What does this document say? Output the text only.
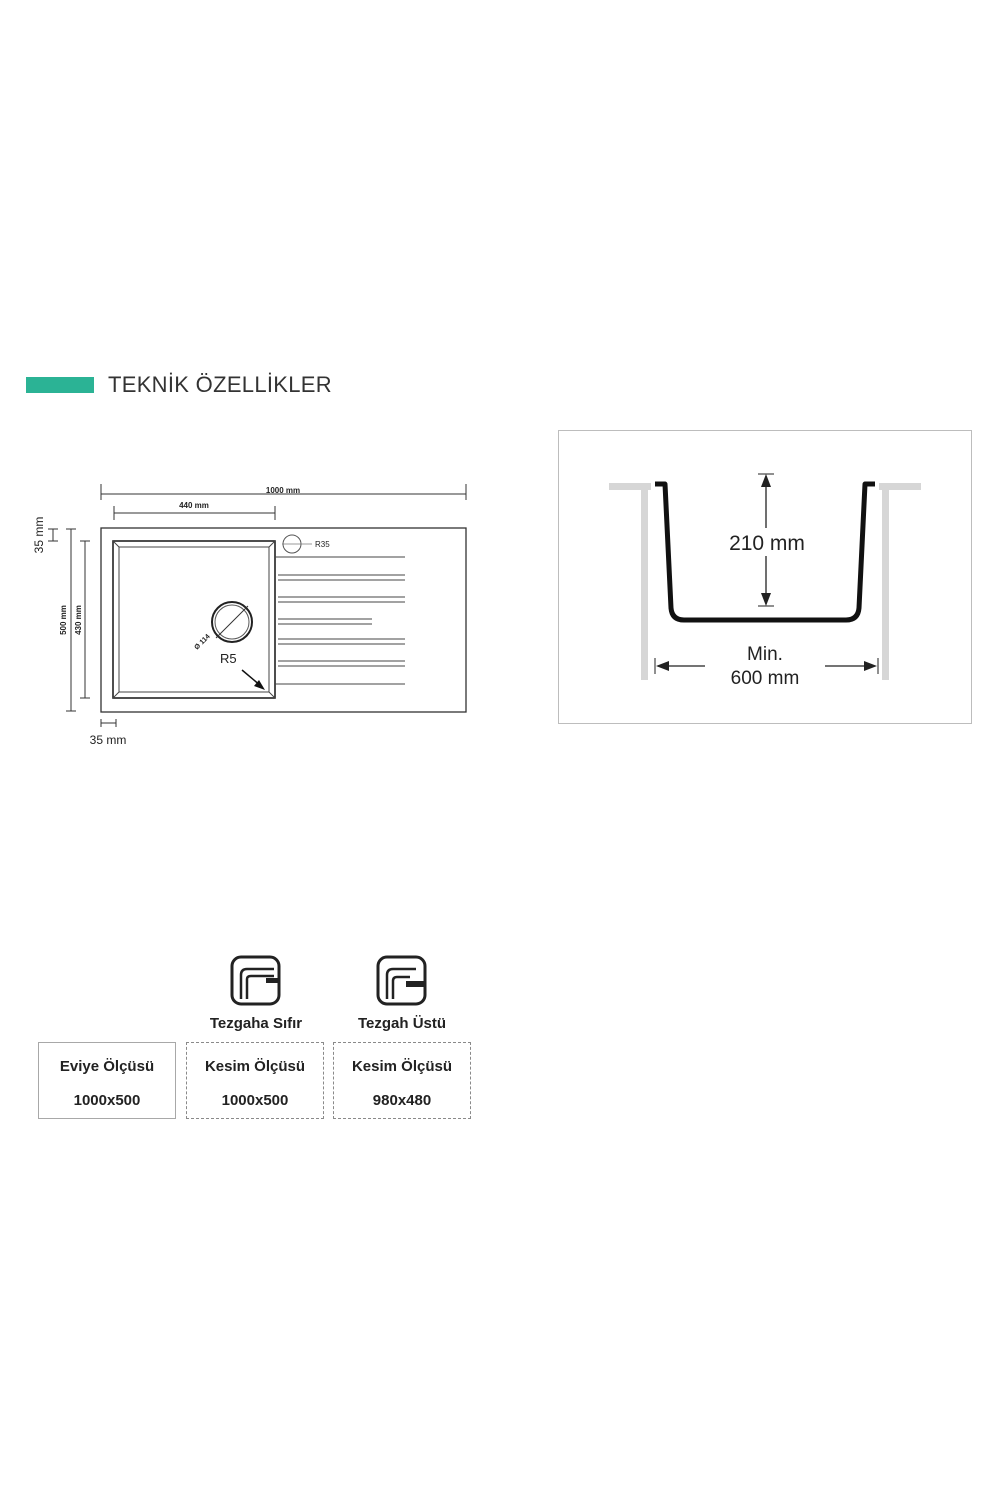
TEKNİK ÖZELLİKLER
1000 mm
440 mm
35 mm
500 mm 430 mm
35 mm
R35
Ø 114
R5
210 mm
Min.
600 mm
Tezgaha Sıfır	Tezgah Üstü
Eviye Ölçüsü
1000x500
Kesim Ölçüsü
1000x500
Kesim Ölçüsü
980x480
